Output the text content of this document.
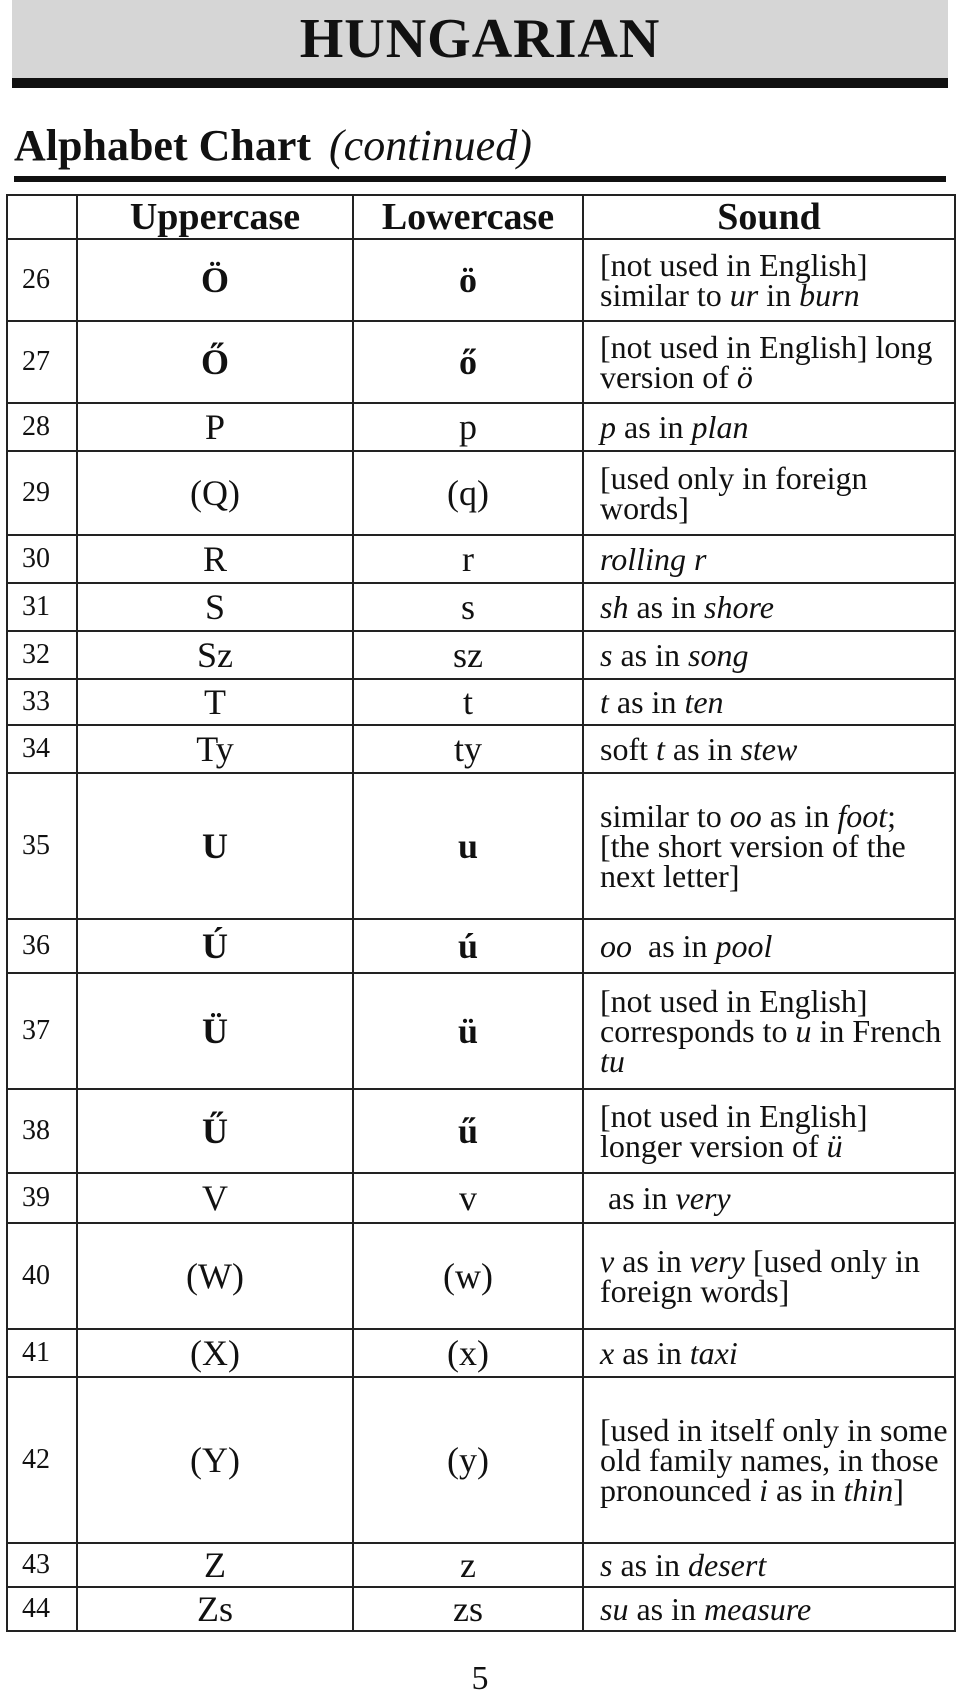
HUNGARIAN
Alphabet Chart (continued)
	Uppercase	Lowercase	Sound
26	Ö	ö	[not used in English] similar to ur in burn
27	Ő	ő	[not used in English] long version of ö
28	P	p	p as in plan
29	(Q)	(q)	[used only in foreign words]
30	R	r	rolling r
31	S	s	sh as in shore
32	Sz	sz	s as in song
33	T	t	t as in ten
34	Ty	ty	soft t as in stew
35	U	u	similar to oo as in foot; [the short version of the next letter]
36	Ú	ú	oo  as in pool
37	Ü	ü	[not used in English] corresponds to u in French tu
38	Ű	ű	[not used in English] longer version of ü
39	V	v	as in very
40	(W)	(w)	v as in very [used only in foreign words]
41	(X)	(x)	x as in taxi
42	(Y)	(y)	[used in itself only in some old family names, in those pronounced i as in thin]
43	Z	z	s as in desert
44	Zs	zs	su as in measure
5
